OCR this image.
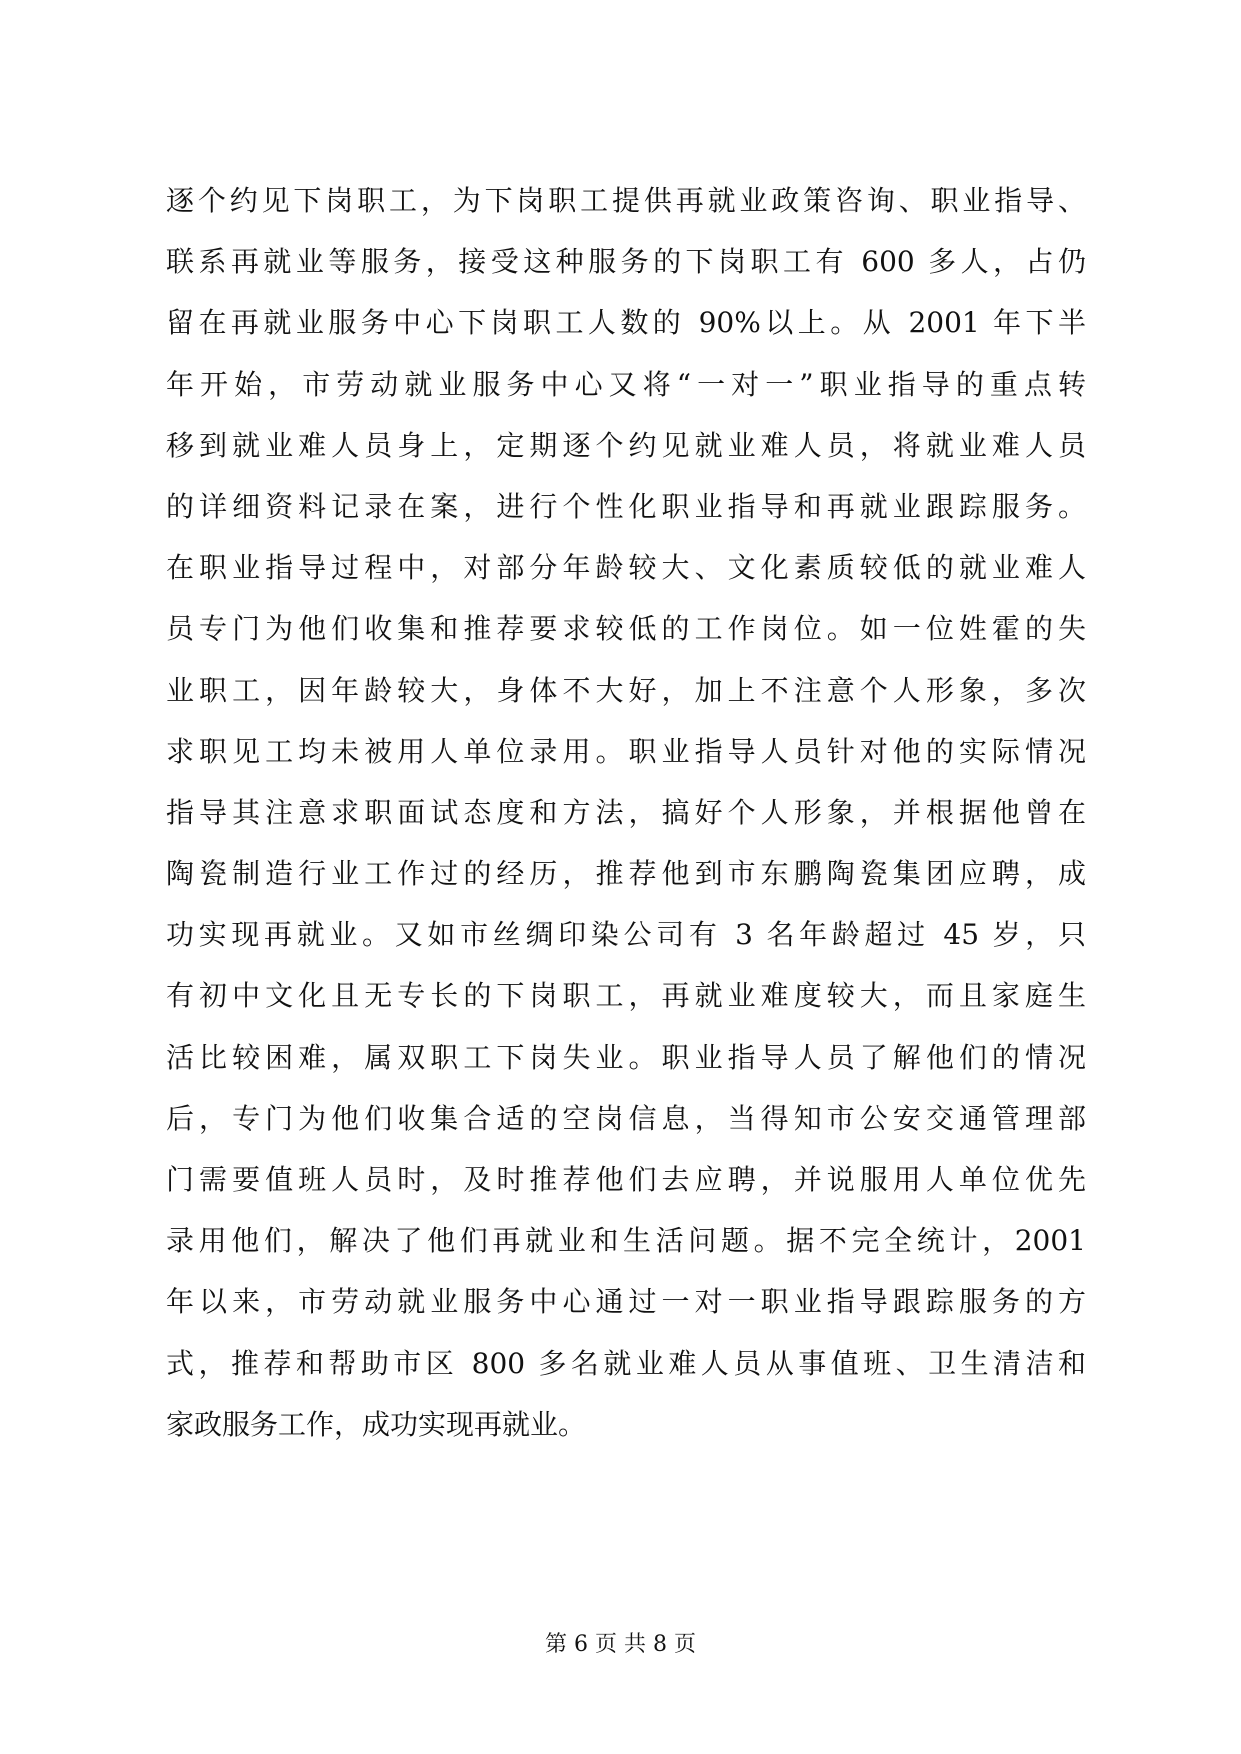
逐个约见下岗职工，为下岗职工提供再就业政策咨询、职业指导、
联系再就业等服务，接受这种服务的下岗职工有 600 多人，占仍
留在再就业服务中心下岗职工人数的 90%以上。从 2001 年下半
年开始，市劳动就业服务中心又将“一对一”职业指导的重点转
移到就业难人员身上，定期逐个约见就业难人员，将就业难人员
的详细资料记录在案，进行个性化职业指导和再就业跟踪服务。
在职业指导过程中，对部分年龄较大、文化素质较低的就业难人
员专门为他们收集和推荐要求较低的工作岗位。如一位姓霍的失
业职工，因年龄较大，身体不大好，加上不注意个人形象，多次
求职见工均未被用人单位录用。职业指导人员针对他的实际情况
指导其注意求职面试态度和方法，搞好个人形象，并根据他曾在
陶瓷制造行业工作过的经历，推荐他到市东鹏陶瓷集团应聘，成
功实现再就业。又如市丝绸印染公司有 3 名年龄超过 45 岁，只
有初中文化且无专长的下岗职工，再就业难度较大，而且家庭生
活比较困难，属双职工下岗失业。职业指导人员了解他们的情况
后，专门为他们收集合适的空岗信息，当得知市公安交通管理部
门需要值班人员时，及时推荐他们去应聘，并说服用人单位优先
录用他们，解决了他们再就业和生活问题。据不完全统计，2001
年以来，市劳动就业服务中心通过一对一职业指导跟踪服务的方
式，推荐和帮助市区 800 多名就业难人员从事值班、卫生清洁和
家政服务工作，成功实现再就业。
第 6 页 共 8 页
